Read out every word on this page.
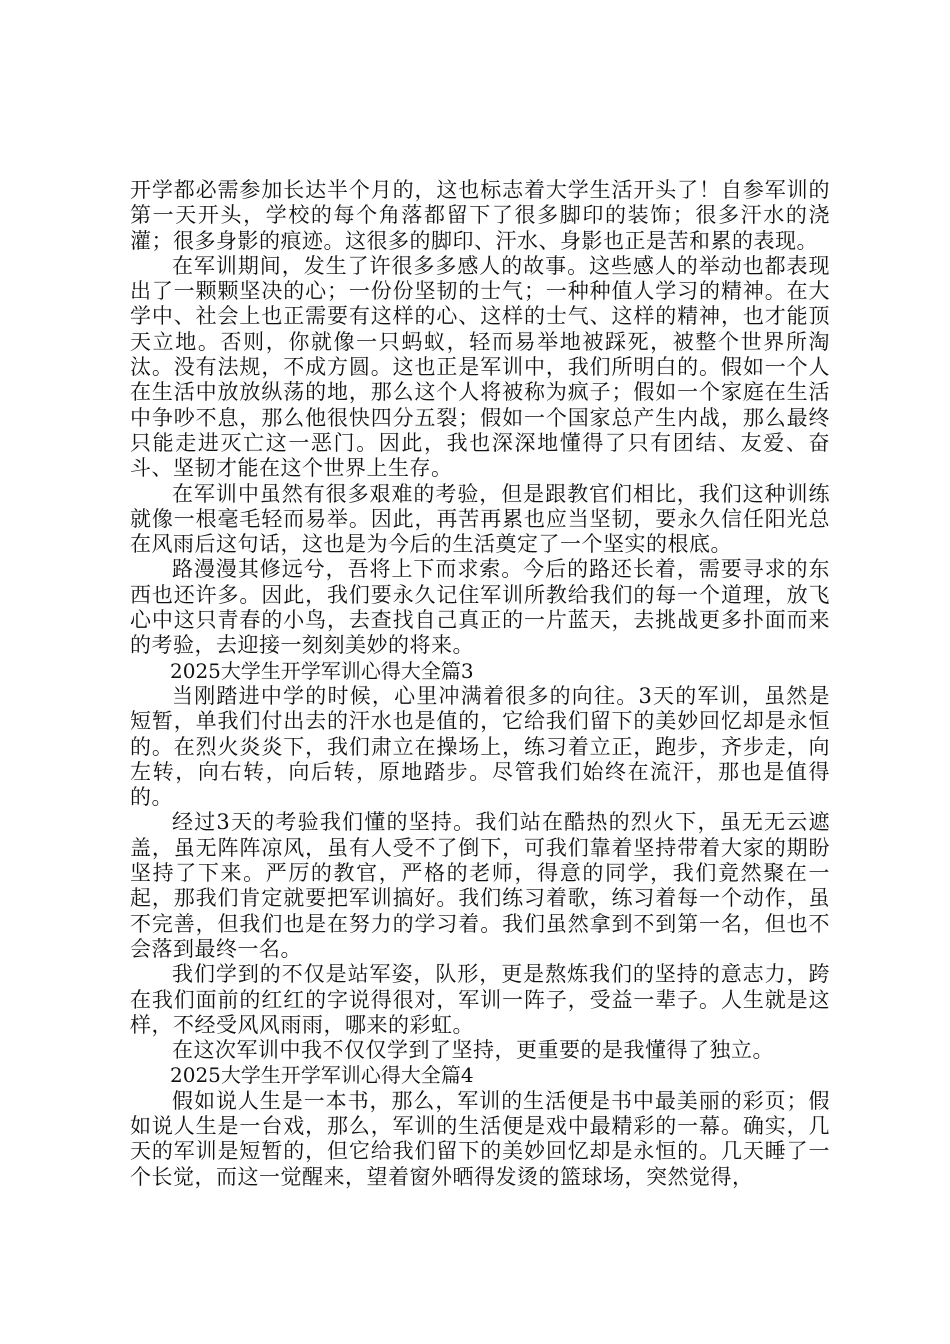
开学都必需参加长达半个月的，这也标志着大学生活开头了！自参军训的第一天开头，学校的每个角落都留下了很多脚印的装饰；很多汗水的浇灌；很多身影的痕迹。这很多的脚印、汗水、身影也正是苦和累的表现。

在军训期间，发生了许很多多感人的故事。这些感人的举动也都表现出了一颗颗坚决的心；一份份坚韧的士气；一种种值人学习的精神。在大学中、社会上也正需要有这样的心、这样的士气、这样的精神，也才能顶天立地。否则，你就像一只蚂蚁，轻而易举地被踩死，被整个世界所淘汰。没有法规，不成方圆。这也正是军训中，我们所明白的。假如一个人在生活中放放纵荡的地，那么这个人将被称为疯子；假如一个家庭在生活中争吵不息，那么他很快四分五裂；假如一个国家总产生内战，那么最终只能走进灭亡这一恶门。因此，我也深深地懂得了只有团结、友爱、奋斗、坚韧才能在这个世界上生存。

在军训中虽然有很多艰难的考验，但是跟教官们相比，我们这种训练就像一根毫毛轻而易举。因此，再苦再累也应当坚韧，要永久信任阳光总在风雨后这句话，这也是为今后的生活奠定了一个坚实的根底。

路漫漫其修远兮，吾将上下而求索。今后的路还长着，需要寻求的东西也还许多。因此，我们要永久记住军训所教给我们的每一个道理，放飞心中这只青春的小鸟，去查找自己真正的一片蓝天，去挑战更多扑面而来的考验，去迎接一刻刻美妙的将来。

2025大学生开学军训心得大全篇3

当刚踏进中学的时候，心里冲满着很多的向往。3天的军训，虽然是短暂，单我们付出去的汗水也是值的，它给我们留下的美妙回忆却是永恒的。在烈火炎炎下，我们肃立在操场上，练习着立正，跑步，齐步走，向左转，向右转，向后转，原地踏步。尽管我们始终在流汗，那也是值得的。

经过3天的考验我们懂的坚持。我们站在酷热的烈火下，虽无无云遮盖，虽无阵阵凉风，虽有人受不了倒下，可我们靠着坚持带着大家的期盼坚持了下来。严厉的教官，严格的老师，得意的同学，我们竟然聚在一起，那我们肯定就要把军训搞好。我们练习着歌，练习着每一个动作，虽不完善，但我们也是在努力的学习着。我们虽然拿到不到第一名，但也不会落到最终一名。

我们学到的不仅是站军姿，队形，更是熬炼我们的坚持的意志力，跨在我们面前的红红的字说得很对，军训一阵子，受益一辈子。人生就是这样，不经受风风雨雨，哪来的彩虹。

在这次军训中我不仅仅学到了坚持，更重要的是我懂得了独立。

2025大学生开学军训心得大全篇4

假如说人生是一本书，那么，军训的生活便是书中最美丽的彩页；假如说人生是一台戏，那么，军训的生活便是戏中最精彩的一幕。确实，几天的军训是短暂的，但它给我们留下的美妙回忆却是永恒的。几天睡了一个长觉，而这一觉醒来，望着窗外晒得发烫的篮球场，突然觉得，
